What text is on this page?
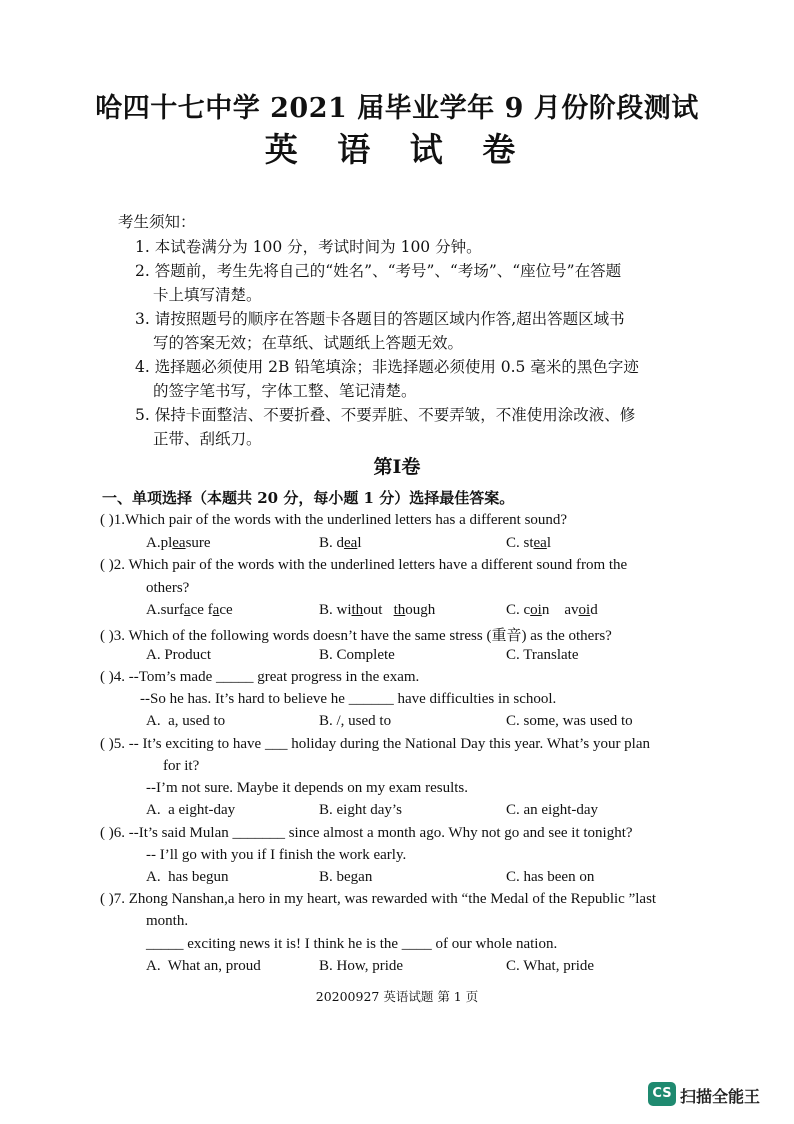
哈四十七中学 2021 届毕业学年 9 月份阶段测试
英 语 试 卷
考生须知：
1. 本试卷满分为 100 分，考试时间为 100 分钟。
2. 答题前，考生先将自己的“姓名”、“考号”、“考场”、“座位号”在答题
卡上填写清楚。
3. 请按照题号的顺序在答题卡各题目的答题区域内作答,超出答题区域书
写的答案无效；在草纸、试题纸上答题无效。
4. 选择题必须使用 2B 铅笔填涂；非选择题必须使用 0.5 毫米的黑色字迹
的签字笔书写，字体工整、笔记清楚。
5. 保持卡面整洁、不要折叠、不要弄脏、不要弄皱，不准使用涂改液、修
正带、刮纸刀。
第Ⅰ卷
一、单项选择（本题共 20 分，每小题 1 分）选择最佳答案。
( )1.Which pair of the words with the underlined letters has a different sound?
A.pleasure	B. deal	C. steal
( )2. Which pair of the words with the underlined letters have a different sound from the
others?
A.surface face	B. without   though	C. coin    avoid
( )3. Which of the following words doesn’t have the same stress (重音) as the others?
A. Product	B. Complete	C. Translate
( )4. --Tom’s made _____ great progress in the exam.
--So he has. It’s hard to believe he ______ have difficulties in school.
A.  a, used to	B. /, used to	C. some, was used to
( )5. -- It’s exciting to have ___ holiday during the National Day this year. What’s your plan
for it?
--I’m not sure. Maybe it depends on my exam results.
A.  a eight-day	B. eight day’s	C. an eight-day
( )6. --It’s said Mulan _______ since almost a month ago. Why not go and see it tonight?
-- I’ll go with you if I finish the work early.
A.  has begun	B. began	C. has been on
( )7. Zhong Nanshan,a hero in my heart, was rewarded with “the Medal of the Republic ”last
month.
_____ exciting news it is! I think he is the ____ of our whole nation.
A.  What an, proud	B. How, pride	C. What, pride
20200927 英语试题 第 1 页
CS 扫描全能王
